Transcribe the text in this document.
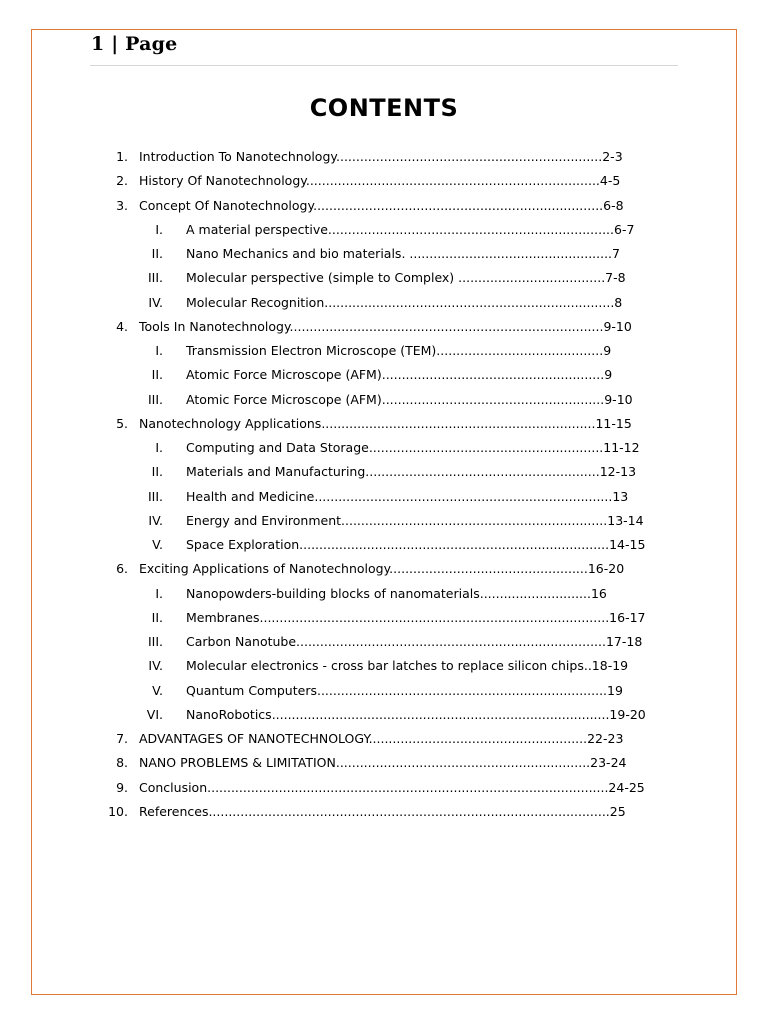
1 | Page
CONTENTS
1. Introduction To Nanotechnology...................................................................2-3
2. History Of Nanotechnology..........................................................................4-5
3. Concept Of Nanotechnology.........................................................................6-8
I. A material perspective........................................................................6-7
II. Nano Mechanics and bio materials. ...................................................7
III. Molecular perspective (simple to Complex) .....................................7-8
IV. Molecular Recognition.........................................................................8
4. Tools In Nanotechnology...............................................................................9-10
I. Transmission Electron Microscope (TEM)..........................................9
II. Atomic Force Microscope (AFM)........................................................9
III. Atomic Force Microscope (AFM)........................................................9-10
5. Nanotechnology Applications.....................................................................11-15
I. Computing and Data Storage...........................................................11-12
II. Materials and Manufacturing...........................................................12-13
III. Health and Medicine...........................................................................13
IV. Energy and Environment...................................................................13-14
V. Space Exploration..............................................................................14-15
6. Exciting Applications of Nanotechnology..................................................16-20
I. Nanopowders-building blocks of nanomaterials............................16
II. Membranes........................................................................................16-17
III. Carbon Nanotube..............................................................................17-18
IV. Molecular electronics - cross bar latches to replace silicon chips..18-19
V. Quantum Computers.........................................................................19
VI. NanoRobotics.....................................................................................19-20
7. ADVANTAGES OF NANOTECHNOLOGY.......................................................22-23
8. NANO PROBLEMS & LIMITATION................................................................23-24
9. Conclusion.....................................................................................................24-25
10. References.....................................................................................................25
